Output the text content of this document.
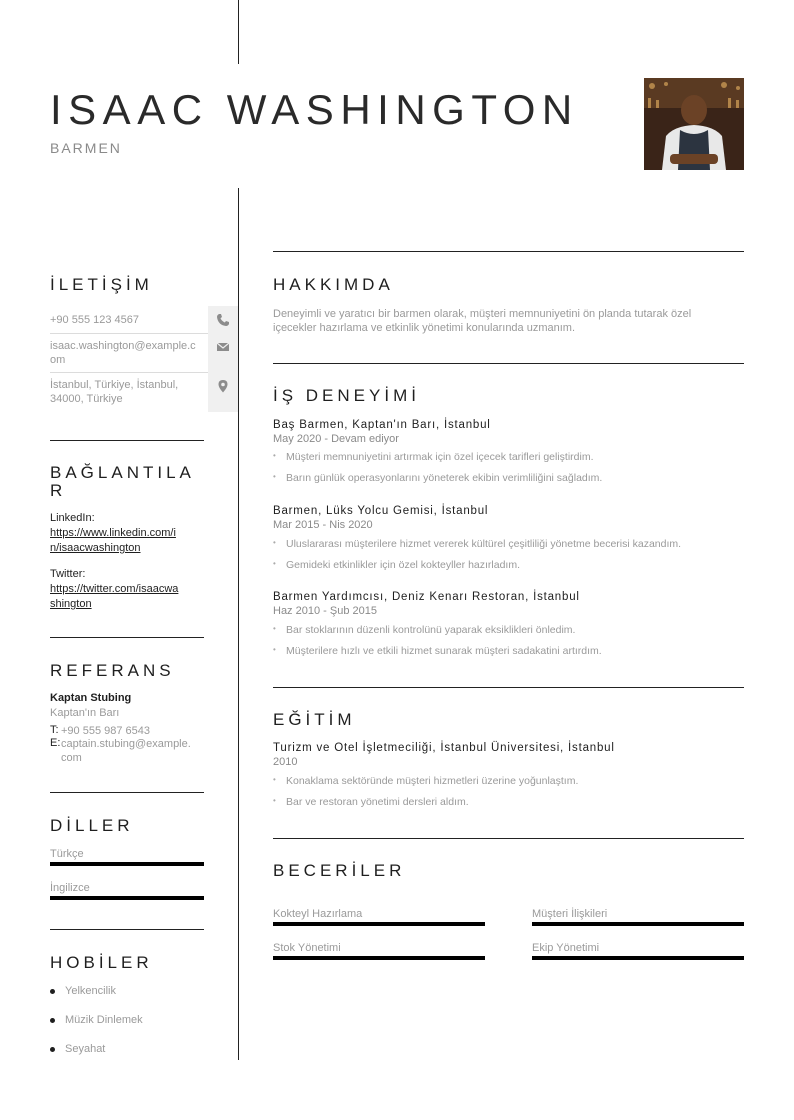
ISAAC WASHINGTON
BARMEN
İLETİŞİM
+90 555 123 4567
isaac.washington@example.c
om
İstanbul, Türkiye, İstanbul,
34000, Türkiye
BAĞLANTILA
R
LinkedIn:
https://www.linkedin.com/i
n/isaacwashington
Twitter:
https://twitter.com/isaacwa
shington
REFERANS
Kaptan Stubing
Kaptan'ın Barı
T: +90 555 987 6543
E: captain.stubing@example.
com
DİLLER
Türkçe
İngilizce
HOBİLER
Yelkencilik
Müzik Dinlemek
Seyahat
HAKKIMDA
Deneyimli ve yaratıcı bir barmen olarak, müşteri memnuniyetini ön planda tutarak özel
içecekler hazırlama ve etkinlik yönetimi konularında uzmanım.
İŞ DENEYİMİ
Baş Barmen, Kaptan'ın Barı, İstanbul
May 2020 - Devam ediyor
• Müşteri memnuniyetini artırmak için özel içecek tarifleri geliştirdim.
• Barın günlük operasyonlarını yöneterek ekibin verimliliğini sağladım.
Barmen, Lüks Yolcu Gemisi, İstanbul
Mar 2015 - Nis 2020
• Uluslararası müşterilere hizmet vererek kültürel çeşitliliği yönetme becerisi kazandım.
• Gemideki etkinlikler için özel kokteyller hazırladım.
Barmen Yardımcısı, Deniz Kenarı Restoran, İstanbul
Haz 2010 - Şub 2015
• Bar stoklarının düzenli kontrolünü yaparak eksiklikleri önledim.
• Müşterilere hızlı ve etkili hizmet sunarak müşteri sadakatini artırdım.
EĞİTİM
Turizm ve Otel İşletmeciliği, İstanbul Üniversitesi, İstanbul
2010
• Konaklama sektöründe müşteri hizmetleri üzerine yoğunlaştım.
• Bar ve restoran yönetimi dersleri aldım.
BECERİLER
Kokteyl Hazırlama	Müşteri İlişkileri
Stok Yönetimi	Ekip Yönetimi
